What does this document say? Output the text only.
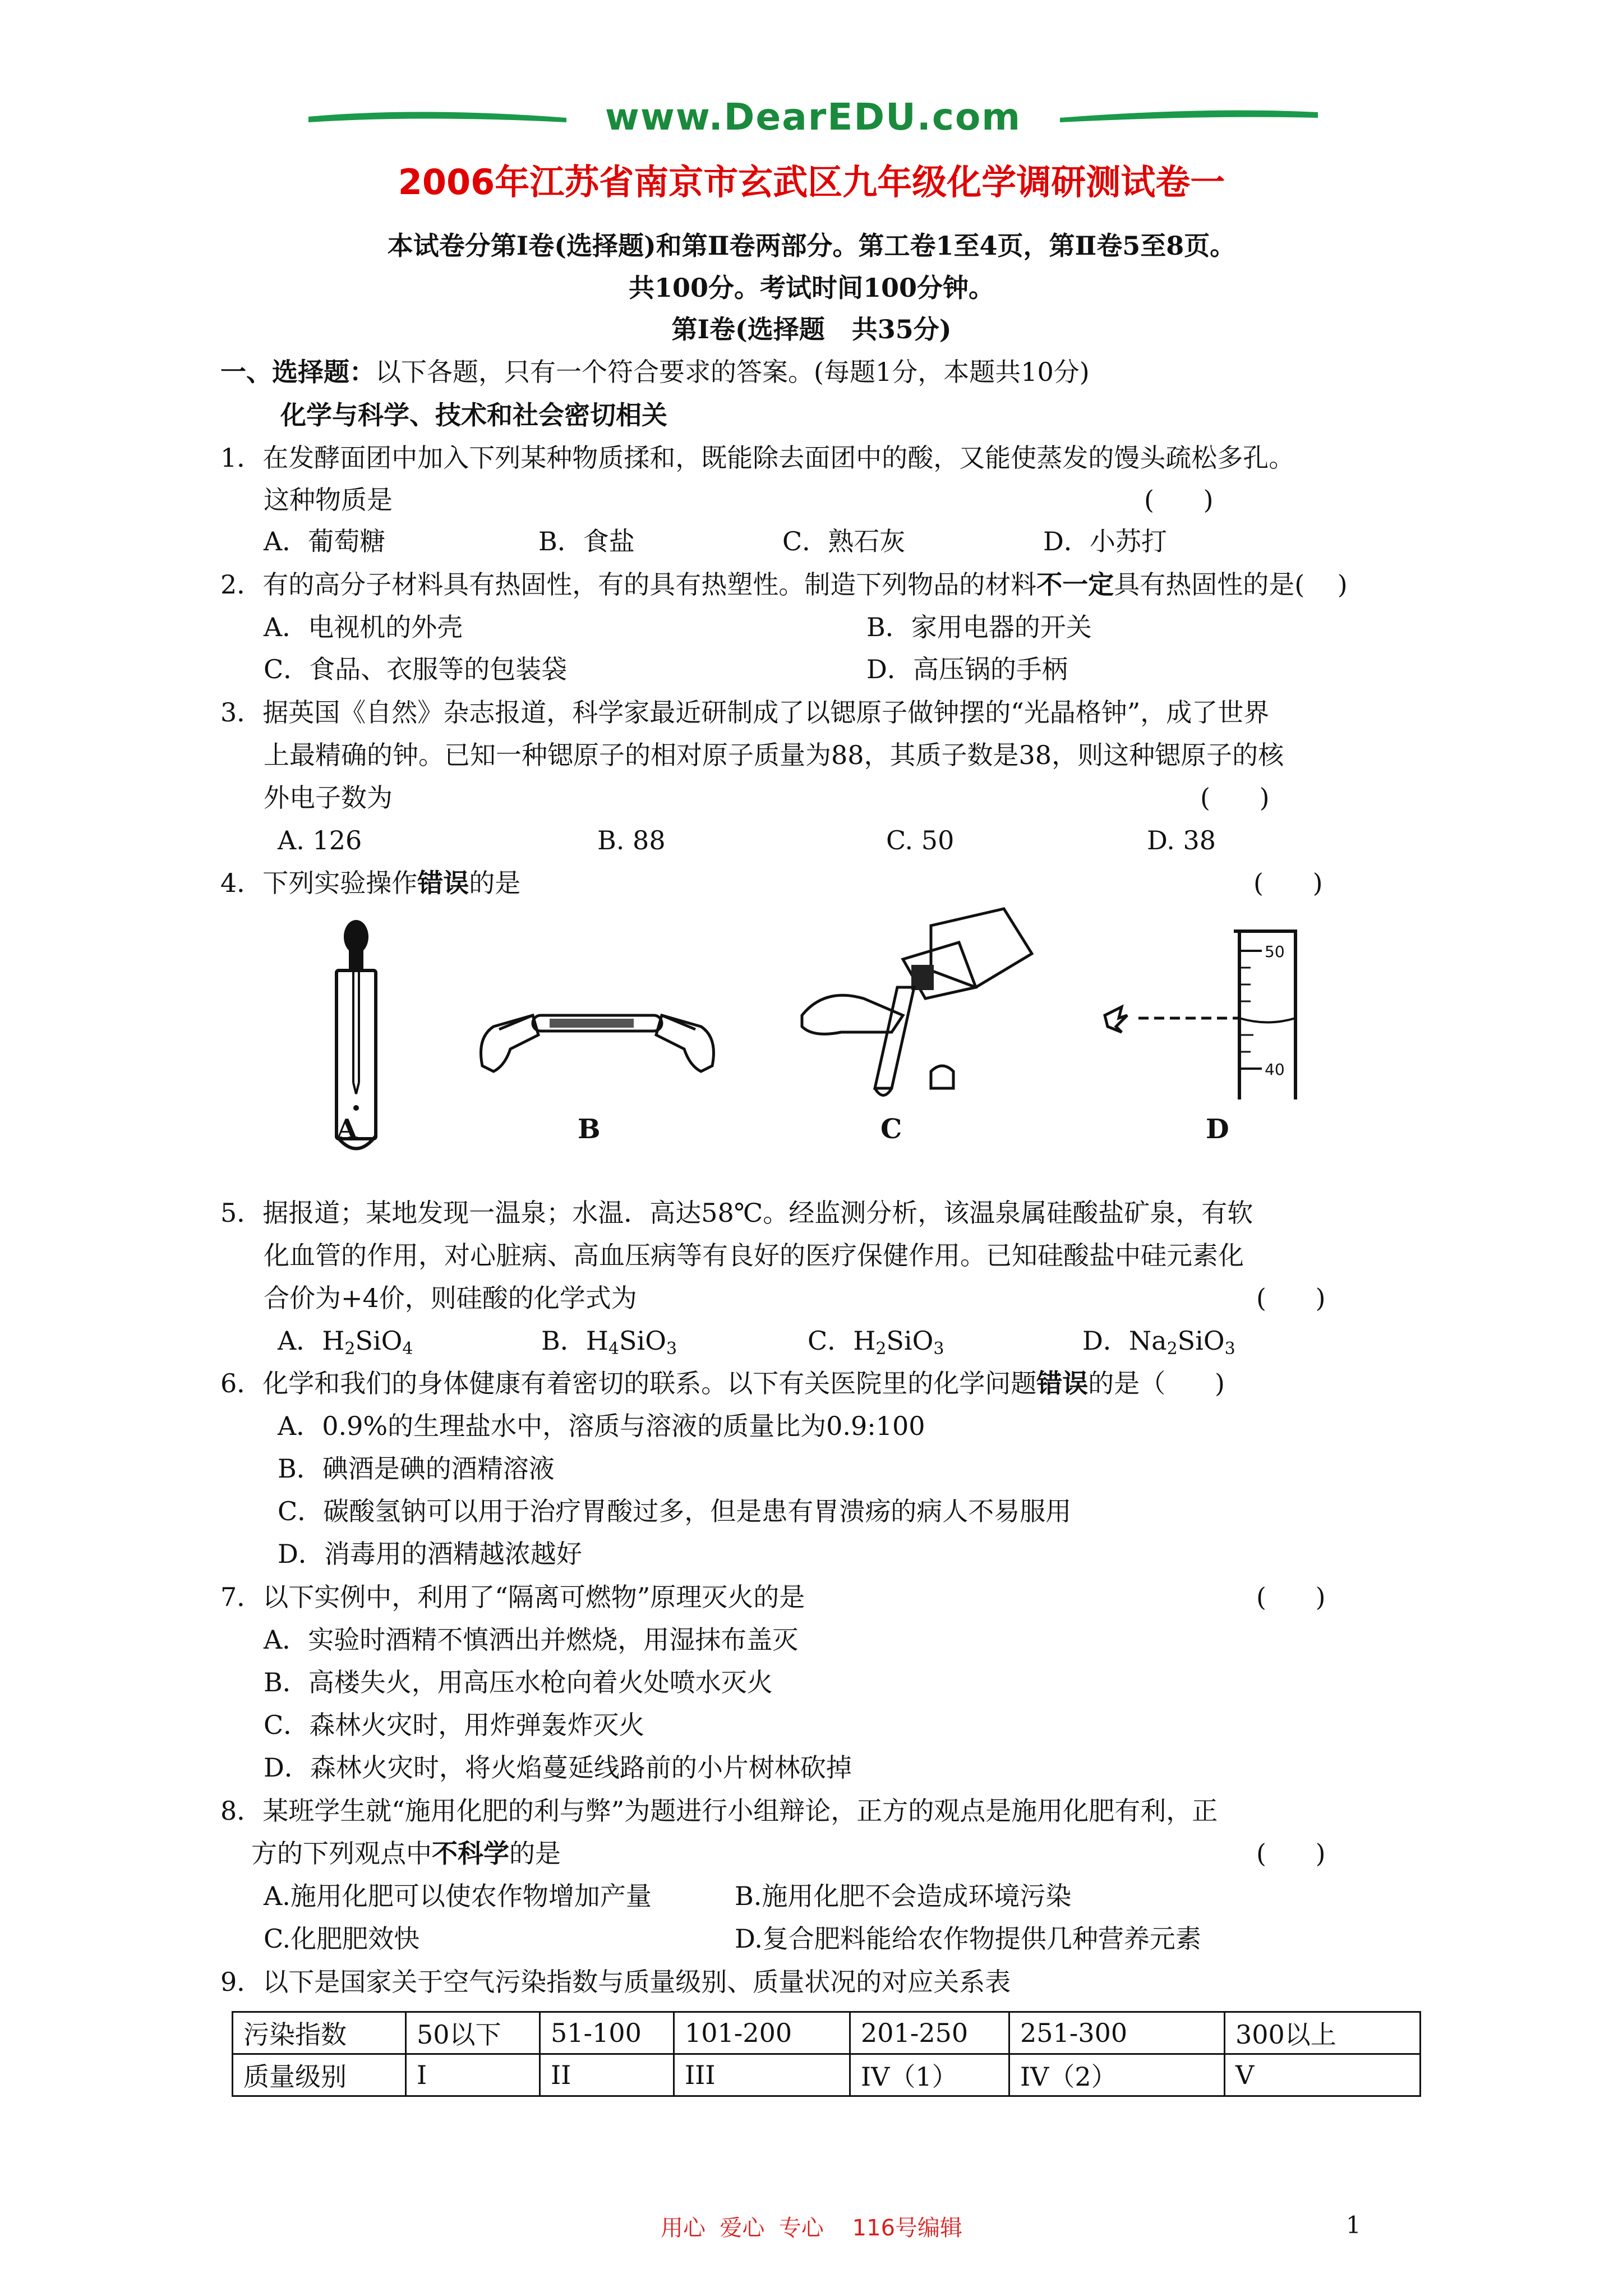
www.DearEDU.com

2006年江苏省南京市玄武区九年级化学调研测试卷一
本试卷分第Ⅰ卷(选择题)和第Ⅱ卷两部分。第工卷1至4页，第Ⅱ卷5至8页。
共100分。考试时间100分钟。
第Ⅰ卷(选择题   共35分)
一、选择题：以下各题，只有一个符合要求的答案。(每题1分，本题共10分)
化学与科学、技术和社会密切相关
1．在发酵面团中加入下列某种物质揉和，既能除去面团中的酸，又能使蒸发的馒头疏松多孔。
这种物质是	(      )
A．葡萄糖	B．食盐	C．熟石灰	D．小苏打
2．有的高分子材料具有热固性，有的具有热塑性。制造下列物品的材料不一定具有热固性的是(    )
A．电视机的外壳	B．家用电器的开关
C．食品、衣服等的包装袋	D．高压锅的手柄
3．据英国《自然》杂志报道，科学家最近研制成了以锶原子做钟摆的“光晶格钟”，成了世界
上最精确的钟。已知一种锶原子的相对原子质量为88，其质子数是38，则这种锶原子的核
外电子数为	(      )
A. 126	B. 88	C. 50	D. 38
4．下列实验操作错误的是	(      )
A	B	C
50
40
D
5．据报道；某地发现一温泉；水温．高达58℃。经监测分析，该温泉属硅酸盐矿泉，有软
化血管的作用，对心脏病、高血压病等有良好的医疗保健作用。已知硅酸盐中硅元素化
合价为+4价，则硅酸的化学式为	(      )
A．$H_2SiO_4$	B．$H_4SiO_3$	C．$H_2SiO_3$	D．$Na_2SiO_3$
6．化学和我们的身体健康有着密切的联系。以下有关医院里的化学问题错误的是（      )
A．0.9%的生理盐水中，溶质与溶液的质量比为0.9:100
B．碘酒是碘的酒精溶液
C．碳酸氢钠可以用于治疗胃酸过多，但是患有胃溃疡的病人不易服用
D．消毒用的酒精越浓越好
7．以下实例中，利用了“隔离可燃物”原理灭火的是	(      )
A．实验时酒精不慎洒出并燃烧，用湿抹布盖灭
B．高楼失火，用高压水枪向着火处喷水灭火
C．森林火灾时，用炸弹轰炸灭火
D．森林火灾时，将火焰蔓延线路前的小片树林砍掉
8．某班学生就“施用化肥的利与弊”为题进行小组辩论，正方的观点是施用化肥有利，正
方的下列观点中不科学的是	(      )
A.施用化肥可以使农作物增加产量	B.施用化肥不会造成环境污染
C.化肥肥效快	D.复合肥料能给农作物提供几种营养元素
9．以下是国家关于空气污染指数与质量级别、质量状况的对应关系表
污染指数	50以下	51-100	101-200	201-250	251-300	300以上
质量级别	I	II	III	IV（1）	IV（2）	V
用心  爱心  专心    116号编辑	1
